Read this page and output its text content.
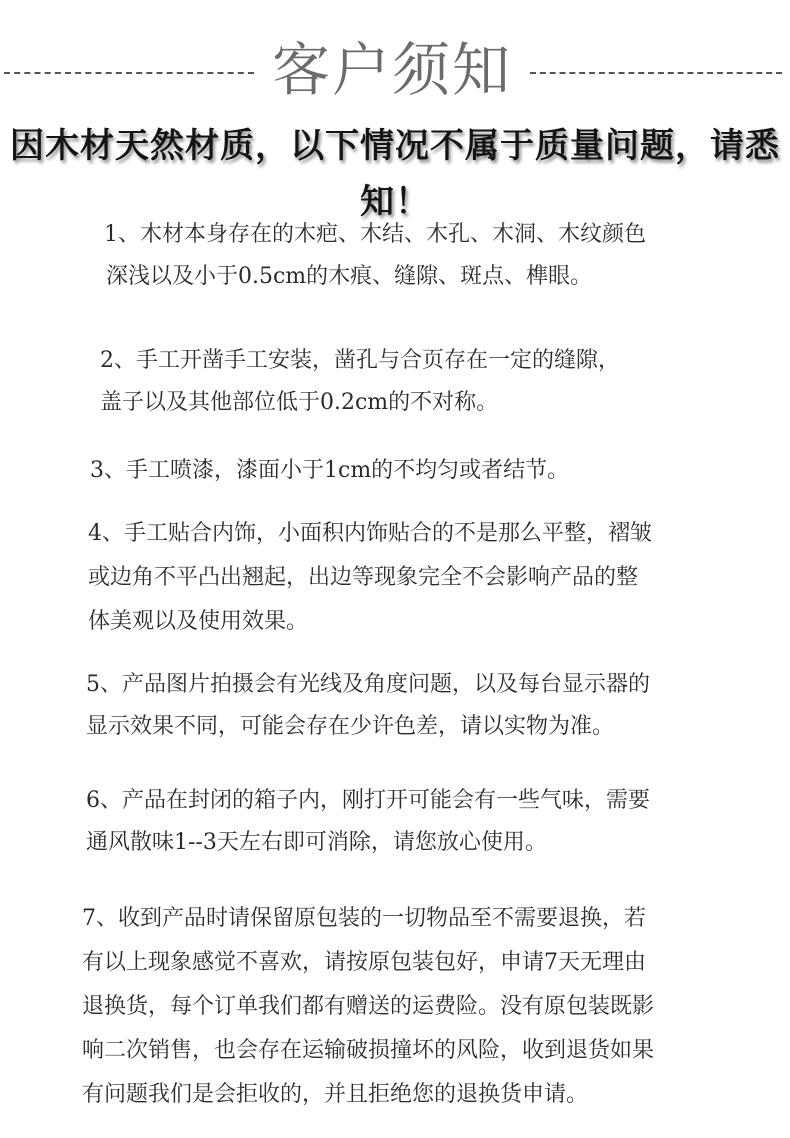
客户须知
因木材天然材质，以下情况不属于质量问题，请悉知！
1、木材本身存在的木疤、木结、木孔、木洞、木纹颜色
深浅以及小于0.5cm的木痕、缝隙、斑点、榫眼。
2、手工开凿手工安装，凿孔与合页存在一定的缝隙，
盖子以及其他部位低于0.2cm的不对称。
3、手工喷漆，漆面小于1cm的不均匀或者结节。
4、手工贴合内饰，小面积内饰贴合的不是那么平整，褶皱
或边角不平凸出翘起，出边等现象完全不会影响产品的整
体美观以及使用效果。
5、产品图片拍摄会有光线及角度问题，以及每台显示器的
显示效果不同，可能会存在少许色差，请以实物为准。
6、产品在封闭的箱子内，刚打开可能会有一些气味，需要
通风散味1--3天左右即可消除，请您放心使用。
7、收到产品时请保留原包装的一切物品至不需要退换，若
有以上现象感觉不喜欢，请按原包装包好，申请7天无理由
退换货，每个订单我们都有赠送的运费险。没有原包装既影
响二次销售，也会存在运输破损撞坏的风险，收到退货如果
有问题我们是会拒收的，并且拒绝您的退换货申请。
